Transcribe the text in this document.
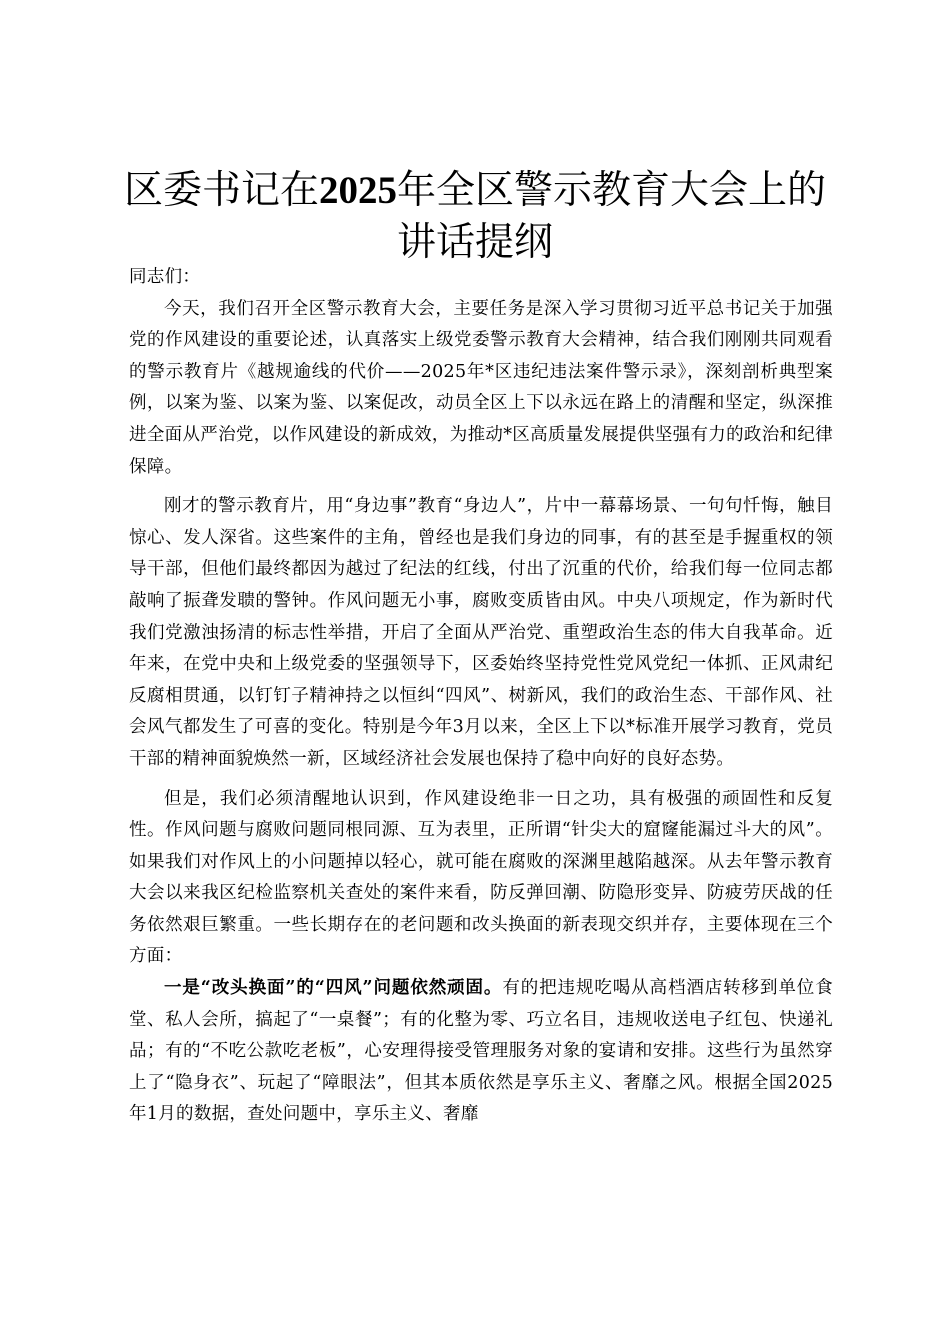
区委书记在2025年全区警示教育大会上的讲话提纲

同志们：

今天，我们召开全区警示教育大会，主要任务是深入学习贯彻习近平总书记关于加强党的作风建设的重要论述，认真落实上级党委警示教育大会精神，结合我们刚刚共同观看的警示教育片《越规逾线的代价——2025年*区违纪违法案件警示录》，深刻剖析典型案例，以案为鉴、以案为鉴、以案促改，动员全区上下以永远在路上的清醒和坚定，纵深推进全面从严治党，以作风建设的新成效，为推动*区高质量发展提供坚强有力的政治和纪律保障。

刚才的警示教育片，用“身边事”教育“身边人”，片中一幕幕场景、一句句忏悔，触目惊心、发人深省。这些案件的主角，曾经也是我们身边的同事，有的甚至是手握重权的领导干部，但他们最终都因为越过了纪法的红线，付出了沉重的代价，给我们每一位同志都敲响了振聋发聩的警钟。作风问题无小事，腐败变质皆由风。中央八项规定，作为新时代我们党激浊扬清的标志性举措，开启了全面从严治党、重塑政治生态的伟大自我革命。近年来，在党中央和上级党委的坚强领导下，区委始终坚持党性党风党纪一体抓、正风肃纪反腐相贯通，以钉钉子精神持之以恒纠“四风”、树新风，我们的政治生态、干部作风、社会风气都发生了可喜的变化。特别是今年3月以来，全区上下以*标准开展学习教育，党员干部的精神面貌焕然一新，区域经济社会发展也保持了稳中向好的良好态势。

但是，我们必须清醒地认识到，作风建设绝非一日之功，具有极强的顽固性和反复性。作风问题与腐败问题同根同源、互为表里，正所谓“针尖大的窟窿能漏过斗大的风”。如果我们对作风上的小问题掉以轻心，就可能在腐败的深渊里越陷越深。从去年警示教育大会以来我区纪检监察机关查处的案件来看，防反弹回潮、防隐形变异、防疲劳厌战的任务依然艰巨繁重。一些长期存在的老问题和改头换面的新表现交织并存，主要体现在三个方面：

一是“改头换面”的“四风”问题依然顽固。有的把违规吃喝从高档酒店转移到单位食堂、私人会所，搞起了“一桌餐”；有的化整为零、巧立名目，违规收送电子红包、快递礼品；有的“不吃公款吃老板”，心安理得接受管理服务对象的宴请和安排。这些行为虽然穿上了“隐身衣”、玩起了“障眼法”，但其本质依然是享乐主义、奢靡之风。根据全国2025年1月的数据，查处问题中，享乐主义、奢靡
